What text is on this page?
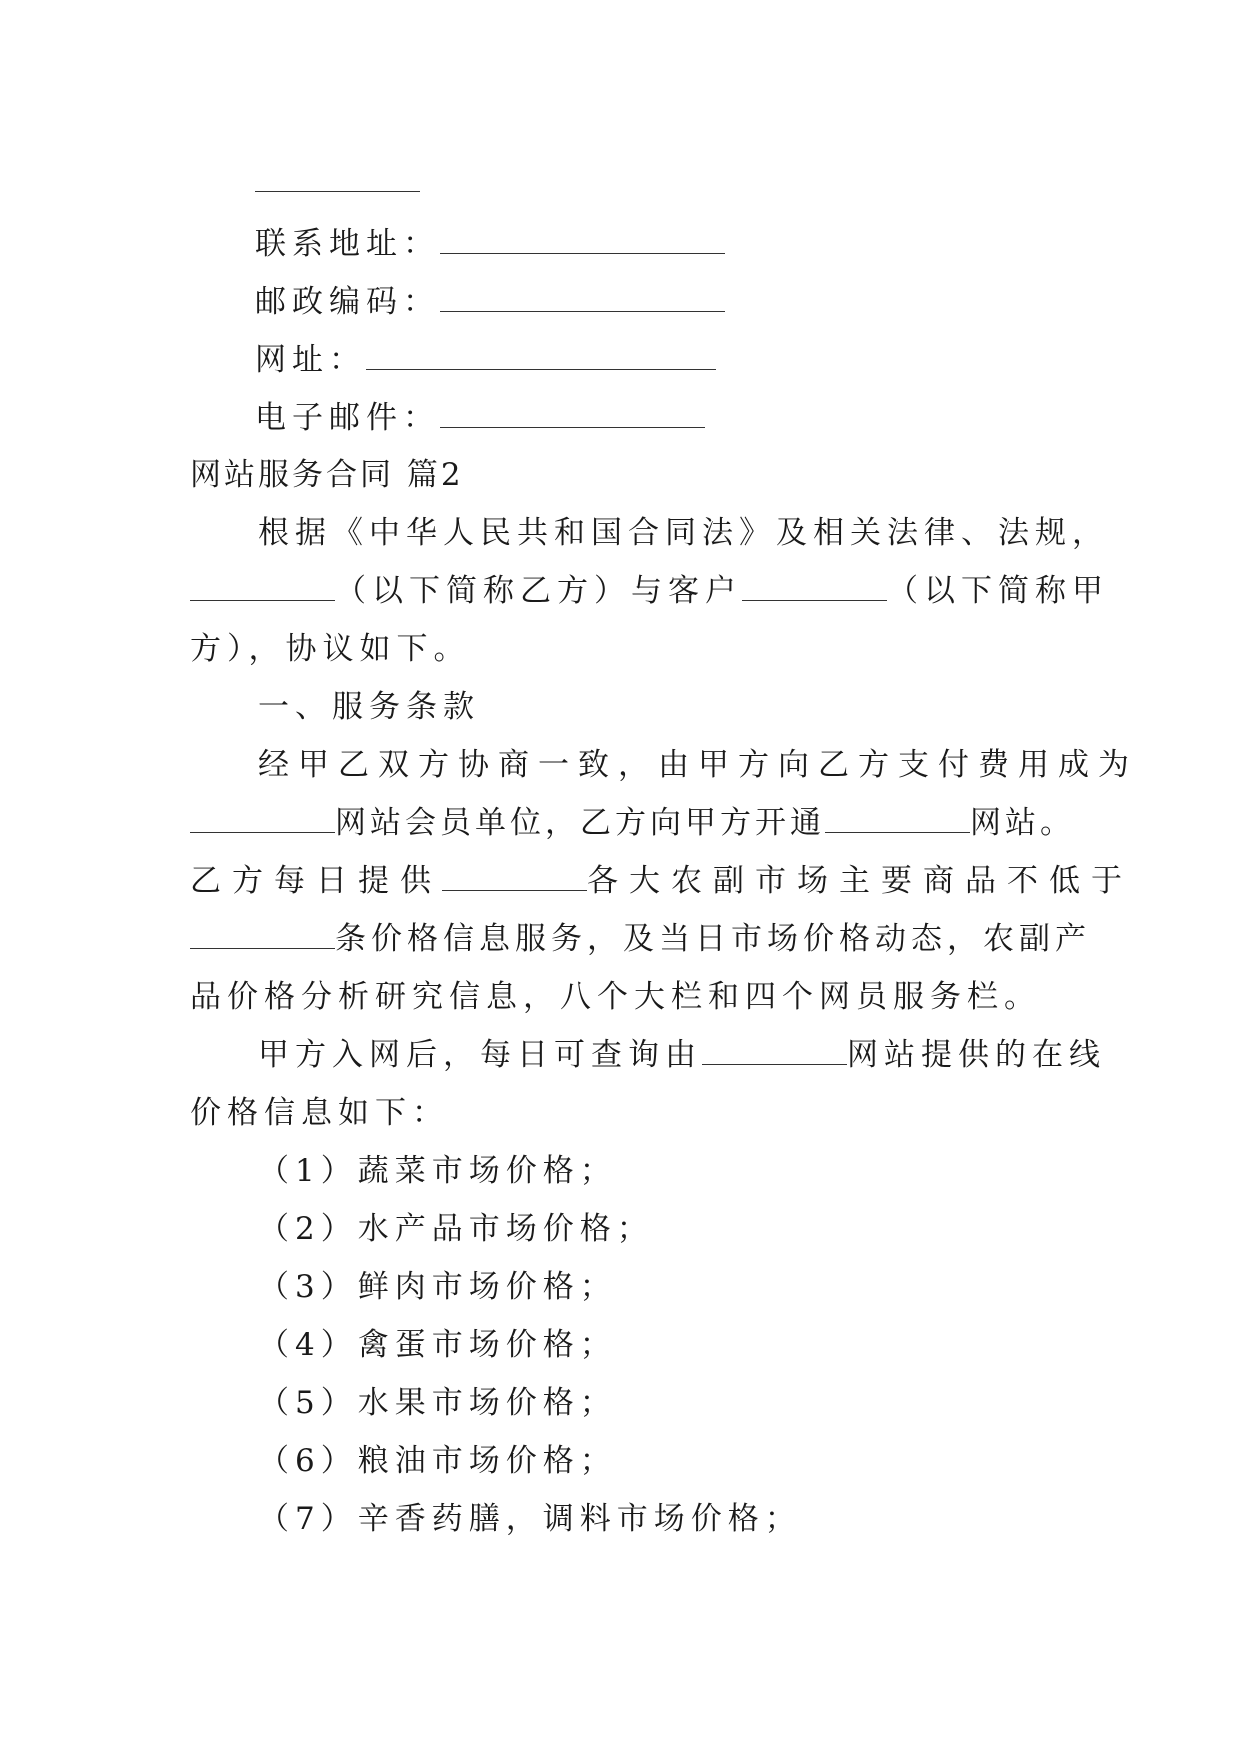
联系地址：
邮政编码：
网址：
电子邮件：
网站服务合同 篇2
根据《中华人民共和国合同法》及相关法律、法规，
（以下简称乙方）与客户	（以下简称甲
方），协议如下。
一、服务条款
经甲乙双方协商一致，由甲方向乙方支付费用成为
网站会员单位，乙方向甲方开通	网站。
乙方每日提供	各大农副市场主要商品不低于
条价格信息服务，及当日市场价格动态，农副产
品价格分析研究信息，八个大栏和四个网员服务栏。
甲方入网后，每日可查询由	网站提供的在线
价格信息如下：
（1）蔬菜市场价格；
（2）水产品市场价格；
（3）鲜肉市场价格；
（4）禽蛋市场价格；
（5）水果市场价格；
（6）粮油市场价格；
（7）辛香药膳，调料市场价格；
